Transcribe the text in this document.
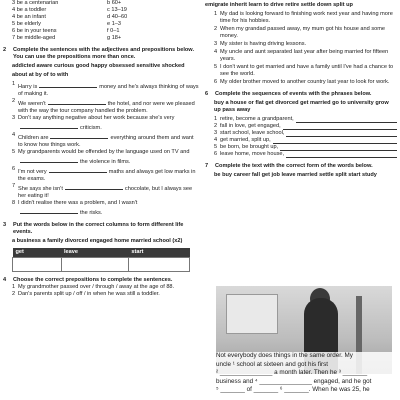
3 be a centenarian	b 60+
4 be a toddler	c 13–19
4 be an infant	d 40–60
5 be elderly	e 1–3
6 be in your teens	f 0–1
7 be middle-aged	g 18+
2	Complete the sentences with the adjectives and prepositions below. You can use the prepositions more than once.
addicted aware curious good happy obsessed sensitive shocked
about at by of to with
1 Harry is	money and he's always thinking of ways of making it.
2 We weren't	the hotel, and nor were we pleased with the way the tour company handled the problem.
3 Don't say anything negative about her work because she's verycriticism.
4 Children are	everything around them and want to know how things work.
5 My grandparents would be offended by the language used on TV andthe violence in films.
6 I'm not very	maths and always get low marks in the exams.
7 She says she isn't	chocolate, but I always see her eating it!
8 I didn't realise there was a problem, and I wasn'tthe risks.
3	Put the words below in the correct columns to form different life events.
a business a family divorced engaged home married school (x2)
get	leave	start

4	Choose the correct prepositions to complete the sentences.
1 My grandmother passed over / through / away at the age of 88.
2 Dan's parents split up / off / in when he was still a toddler.
emigrate inherit learn to drive retire settle down split up
1 My dad is looking forward to finishing work next year and having more time for his hobbies.
2 When my grandad passed away, my mum got his house and some money.
3 My sister is having driving lessons.
4 My uncle and aunt separated last year after being married for fifteen years.
5 I don't want to get married and have a family until I've had a chance to see the world.
6 My older brother moved to another country last year to look for work.
6	Complete the sequences of events with the phrases below.
buy a house or flat get divorced get married go to university grow up pass away
1 retire, become a grandparent,
2 fall in love, get engaged,
3 start school, leave school,
4 get married, split up,
5 be born, be brought up,
6 leave home, move house,
7	Complete the text with the correct form of the words below.
be buy career fall get job leave married settle split start study
Not everybody does things in the same order. My
uncle ¹ school at sixteen and got his first
² _______________ a month later. Then he ³ _______
business and ⁴ _______________ engaged, and he got
⁵ _______ of _______ ⁶ _______. When he was 25, he
